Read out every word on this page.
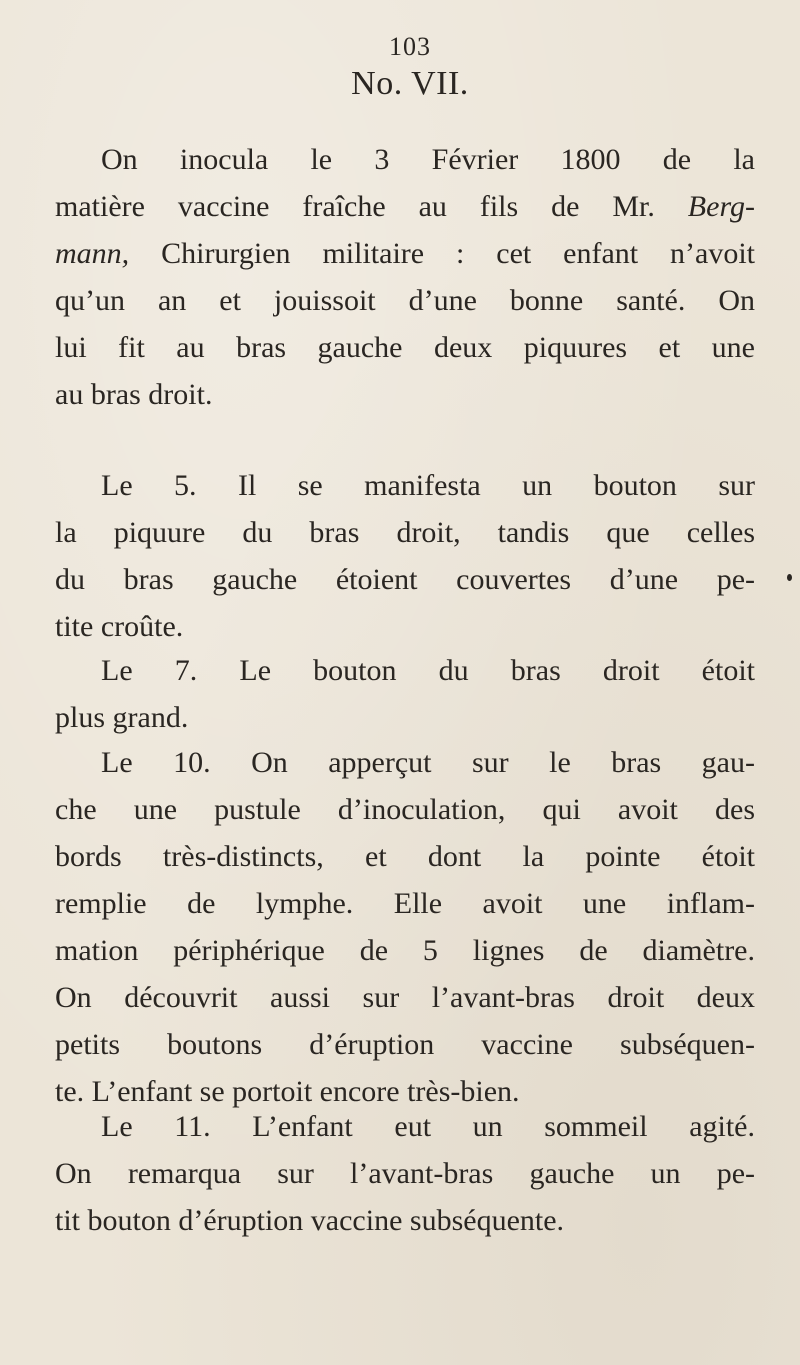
103
No. VII.
On inocula le 3 Février 1800 de la
matière vaccine fraîche au fils de Mr. Berg-
mann, Chirurgien militaire : cet enfant n’avoit
qu’un an et jouissoit d’une bonne santé. On
lui fit au bras gauche deux piquures et une
au bras droit.
Le 5. Il se manifesta un bouton sur
la piquure du bras droit, tandis que celles
du bras gauche étoient couvertes d’une pe-
tite croûte.
Le 7. Le bouton du bras droit étoit
plus grand.
Le 10. On apperçut sur le bras gau-
che une pustule d’inoculation, qui avoit des
bords très-distincts, et dont la pointe étoit
remplie de lymphe. Elle avoit une inflam-
mation périphérique de 5 lignes de diamètre.
On découvrit aussi sur l’avant-bras droit deux
petits boutons d’éruption vaccine subséquen-
te. L’enfant se portoit encore très-bien.
Le 11. L’enfant eut un sommeil agité.
On remarqua sur l’avant-bras gauche un pe-
tit bouton d’éruption vaccine subséquente.
